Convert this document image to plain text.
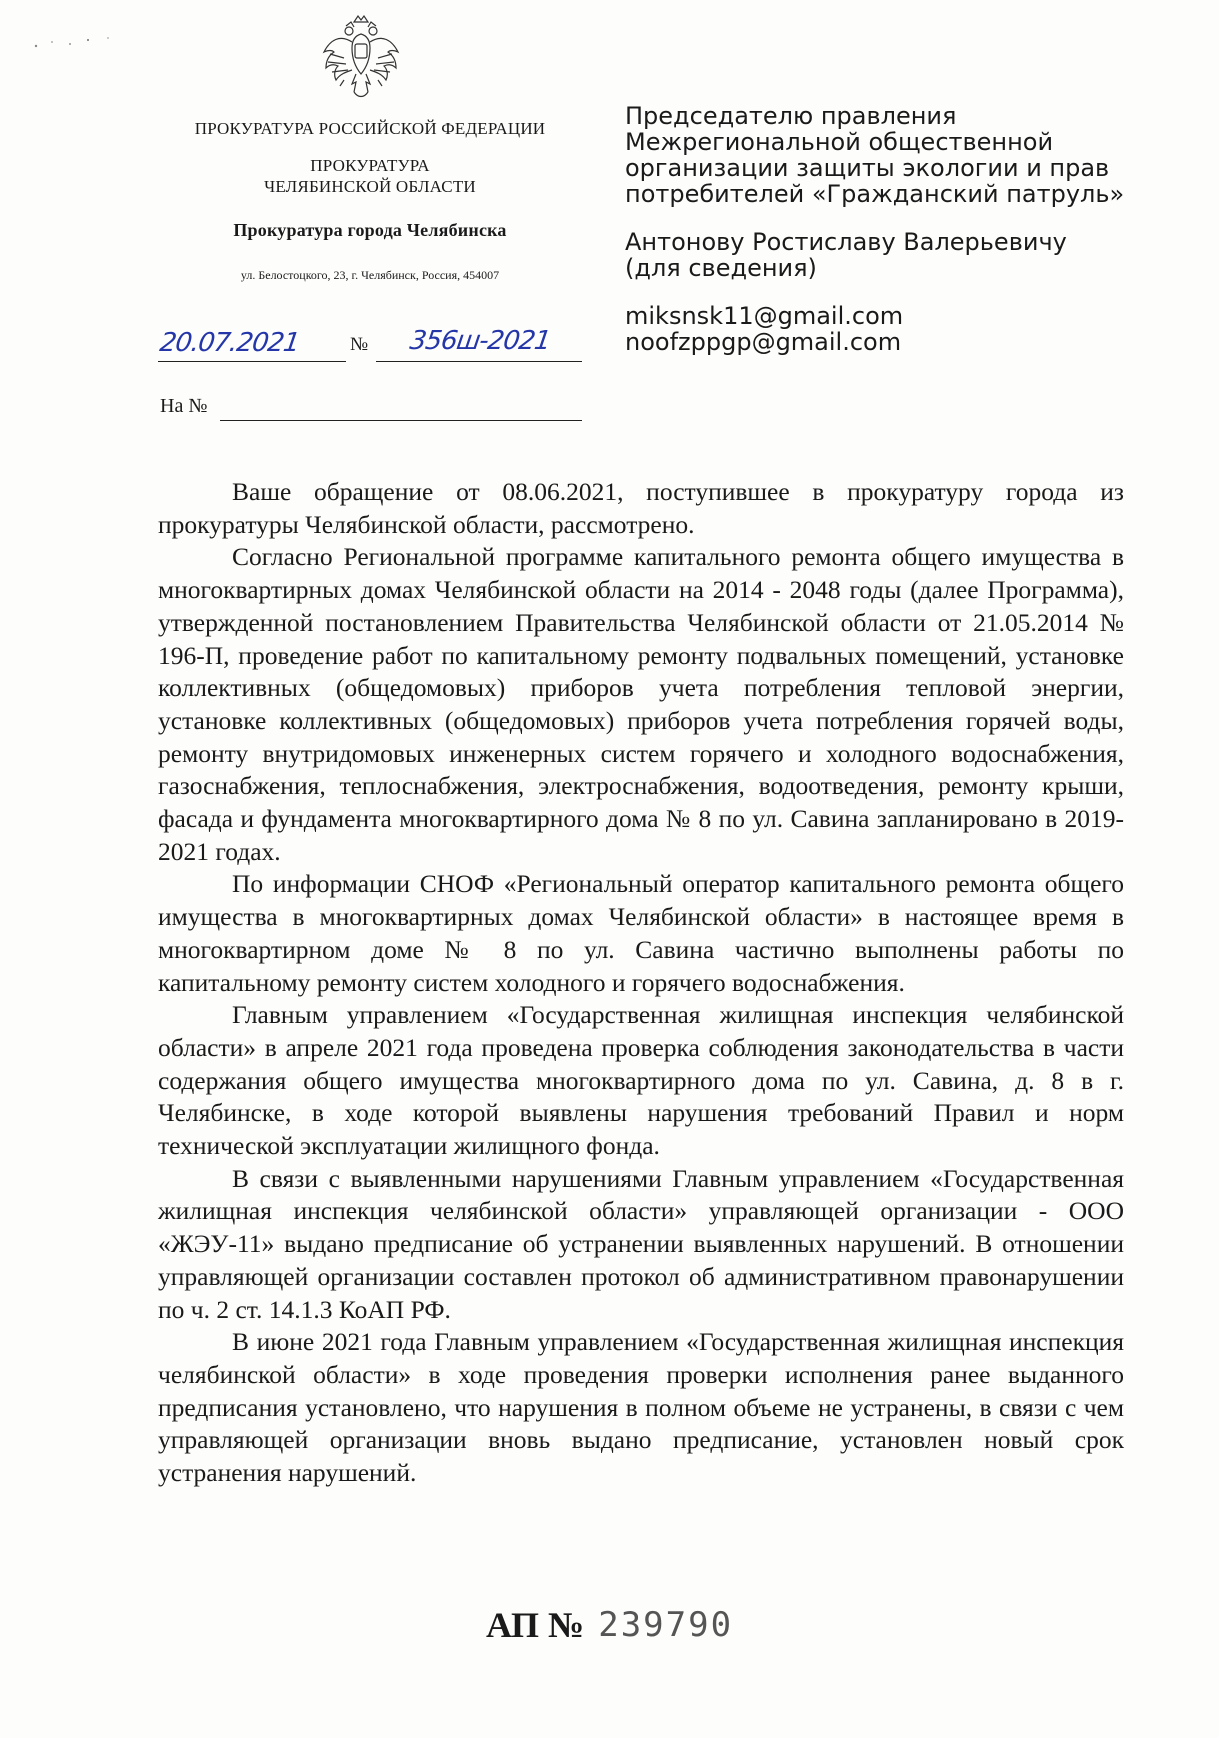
ПРОКУРАТУРА РОССИЙСКОЙ ФЕДЕРАЦИИ
ПРОКУРАТУРА
ЧЕЛЯБИНСКОЙ ОБЛАСТИ
Прокуратура города Челябинска
ул. Белостоцкого, 23, г. Челябинск, Россия, 454007
20.07.2021	№ 356ш-2021
На №
Председателю правления
Межрегиональной общественной
организации защиты экологии и прав
потребителей «Гражданский патруль»
Антонову Ростиславу Валерьевичу
(для сведения)
miksnsk11@gmail.com
noofzppgp@gmail.com

Ваше обращение от 08.06.2021, поступившее в прокуратуру города из прокуратуры Челябинской области, рассмотрено.

Согласно Региональной программе капитального ремонта общего имущества в многоквартирных домах Челябинской области на 2014 - 2048 годы (далее Программа), утвержденной постановлением Правительства Челябинской области от 21.05.2014 № 196-П, проведение работ по капитальному ремонту подвальных помещений, установке коллективных (общедомовых) приборов учета потребления тепловой энергии, установке коллективных (общедомовых) приборов учета потребления горячей воды, ремонту внутридомовых инженерных систем горячего и холодного водоснабжения, газоснабжения, теплоснабжения, электроснабжения, водоотведения, ремонту крыши, фасада и фундамента многоквартирного дома № 8 по ул. Савина запланировано в 2019-2021 годах.

По информации СНОФ «Региональный оператор капитального ремонта общего имущества в многоквартирных домах Челябинской области» в настоящее время в многоквартирном доме № 8 по ул. Савина частично выполнены работы по капитальному ремонту систем холодного и горячего водоснабжения.

Главным управлением «Государственная жилищная инспекция челябинской области» в апреле 2021 года проведена проверка соблюдения законодательства в части содержания общего имущества многоквартирного дома по ул. Савина, д. 8 в г. Челябинске, в ходе которой выявлены нарушения требований Правил и норм технической эксплуатации жилищного фонда.

В связи с выявленными нарушениями Главным управлением «Государственная жилищная инспекция челябинской области» управляющей организации - ООО «ЖЭУ-11» выдано предписание об устранении выявленных нарушений. В отношении управляющей организации составлен протокол об административном правонарушении по ч. 2 ст. 14.1.3 КоАП РФ.

В июне 2021 года Главным управлением «Государственная жилищная инспекция челябинской области» в ходе проведения проверки исполнения ранее выданного предписания установлено, что нарушения в полном объеме не устранены, в связи с чем управляющей организации вновь выдано предписание, установлен новый срок устранения нарушений.

АП № 239790
